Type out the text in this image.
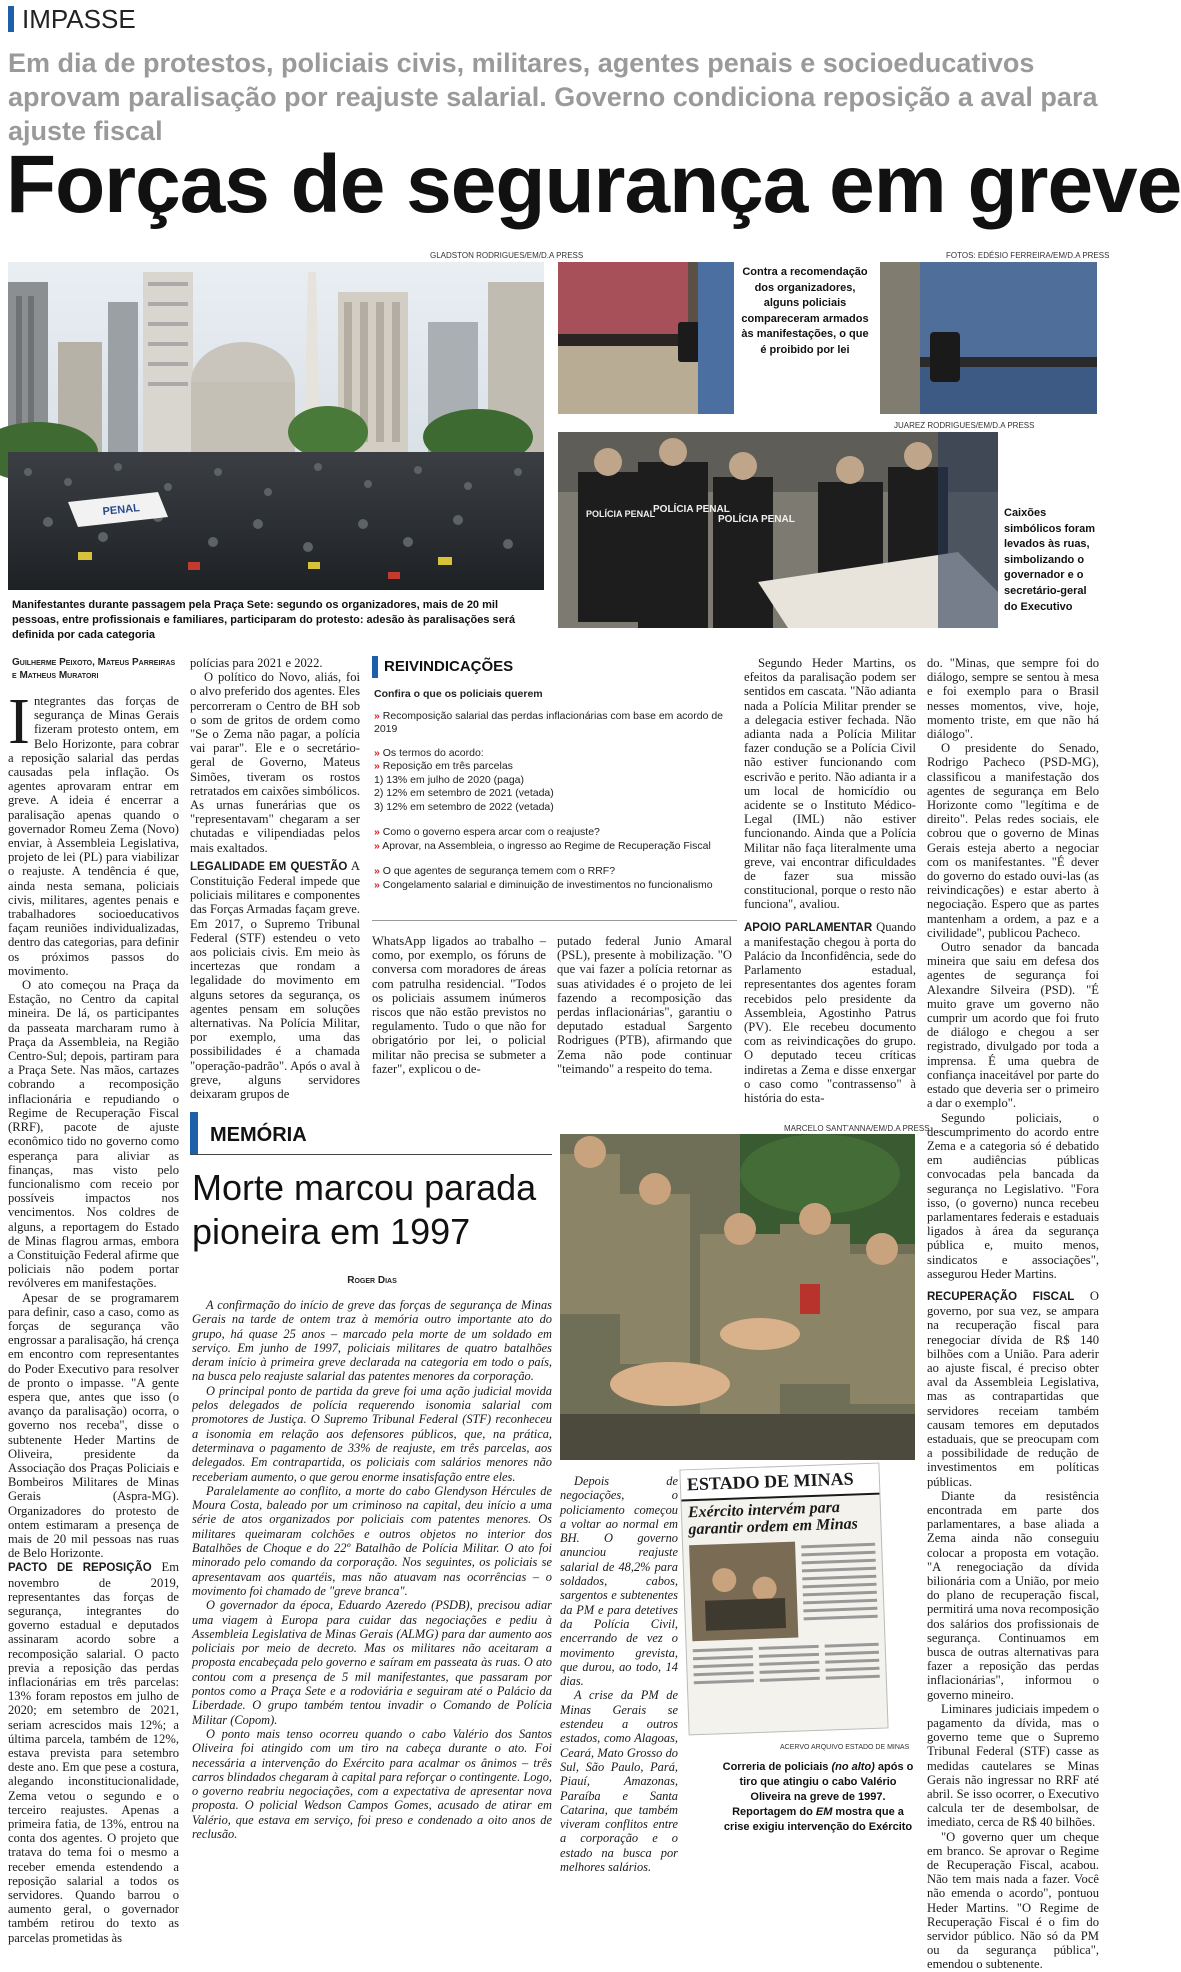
IMPASSE
Em dia de protestos, policiais civis, militares, agentes penais e socioeducativos aprovam paralisação por reajuste salarial. Governo condiciona reposição a aval para ajuste fiscal
Forças de segurança em greve
GLADSTON RODRIGUES/EM/D.A PRESS
PENAL
Manifestantes durante passagem pela Praça Sete: segundo os organizadores, mais de 20 mil pessoas, entre profissionais e familiares, participaram do protesto: adesão às paralisações será definida por cada categoria
FOTOS: EDÉSIO FERREIRA/EM/D.A PRESS
Contra a recomendação dos organizadores, alguns policiais compareceram armados às manifestações, o que é proibido por lei
JUAREZ RODRIGUES/EM/D.A PRESS
POLÍCIA PENAL
POLÍCIA PENAL
POLÍCIA PENAL	Caixões simbólicos foram levados às ruas, simbolizando o governador e o secretário-geral do Executivo
Guilherme Peixoto, Mateus Parreiras e Matheus Muratori

Integrantes das forças de segurança de Minas Gerais fizeram protesto ontem, em Belo Horizonte, para cobrar a reposição salarial das perdas causadas pela inflação. Os agentes aprovaram entrar em greve. A ideia é encerrar a paralisação apenas quando o governador Romeu Zema (Novo) enviar, à Assembleia Legislativa, projeto de lei (PL) para viabilizar o reajuste. A tendência é que, ainda nesta semana, policiais civis, militares, agentes penais e trabalhadores socioeducativos façam reuniões individualizadas, dentro das categorias, para definir os próximos passos do movimento.

O ato começou na Praça da Estação, no Centro da capital mineira. De lá, os participantes da passeata marcharam rumo à Praça da Assembleia, na Região Centro-Sul; depois, partiram para a Praça Sete. Nas mãos, cartazes cobrando a recomposição inflacionária e repudiando o Regime de Recuperação Fiscal (RRF), pacote de ajuste econômico tido no governo como esperança para aliviar as finanças, mas visto pelo funcionalismo com receio por possíveis impactos nos vencimentos. Nos coldres de alguns, a reportagem do Estado de Minas flagrou armas, embora a Constituição Federal afirme que policiais não podem portar revólveres em manifestações.

Apesar de se programarem para definir, caso a caso, como as forças de segurança vão engrossar a paralisação, há crença em encontro com representantes do Poder Executivo para resolver de pronto o impasse. "A gente espera que, antes que isso (o avanço da paralisação) ocorra, o governo nos receba", disse o subtenente Heder Martins de Oliveira, presidente da Associação dos Praças Policiais e Bombeiros Militares de Minas Gerais (Aspra-MG). Organizadores do protesto de ontem estimaram a presença de mais de 20 mil pessoas nas ruas de Belo Horizonte.

PACTO DE REPOSIÇÃO Em novembro de 2019, representantes das forças de segurança, integrantes do governo estadual e deputados assinaram acordo sobre a recomposição salarial. O pacto previa a reposição das perdas inflacionárias em três parcelas: 13% foram repostos em julho de 2020; em setembro de 2021, seriam acrescidos mais 12%; a última parcela, também de 12%, estava prevista para setembro deste ano. Em que pese a costura, alegando inconstitucionalidade, Zema vetou o segundo e o terceiro reajustes. Apenas a primeira fatia, de 13%, entrou na conta dos agentes. O projeto que tratava do tema foi o mesmo a receber emenda estendendo a reposição salarial a todos os servidores. Quando barrou o aumento geral, o governador também retirou do texto as parcelas prometidas às

polícias para 2021 e 2022.

O político do Novo, aliás, foi o alvo preferido dos agentes. Eles percorreram o Centro de BH sob o som de gritos de ordem como "Se o Zema não pagar, a polícia vai parar". Ele e o secretário-geral de Governo, Mateus Simões, tiveram os rostos retratados em caixões simbólicos. As urnas funerárias que os "representavam" chegaram a ser chutadas e vilipendiadas pelos mais exaltados.

LEGALIDADE EM QUESTÃO A Constituição Federal impede que policiais militares e componentes das Forças Armadas façam greve. Em 2017, o Supremo Tribunal Federal (STF) estendeu o veto aos policiais civis. Em meio às incertezas que rondam a legalidade do movimento em alguns setores da segurança, os agentes pensam em soluções alternativas. Na Polícia Militar, por exemplo, uma das possibilidades é a chamada "operação-padrão". Após o aval à greve, alguns servidores deixaram grupos de

REIVINDICAÇÕES
Confira o que os policiais querem
» Recomposição salarial das perdas inflacionárias com base em acordo de 2019
» Os termos do acordo:
» Reposição em três parcelas
1) 13% em julho de 2020 (paga)
2) 12% em setembro de 2021 (vetada)
3) 12% em setembro de 2022 (vetada)
» Como o governo espera arcar com o reajuste?
» Aprovar, na Assembleia, o ingresso ao Regime de Recuperação Fiscal
» O que agentes de segurança temem com o RRF?
» Congelamento salarial e diminuição de investimentos no funcionalismo

WhatsApp ligados ao trabalho – como, por exemplo, os fóruns de conversa com moradores de áreas com patrulha residencial. "Todos os policiais assumem inúmeros riscos que não estão previstos no regulamento. Tudo o que não for obrigatório por lei, o policial militar não precisa se submeter a fazer", explicou o de-

putado federal Junio Amaral (PSL), presente à mobilização. "O que vai fazer a polícia retornar as suas atividades é o projeto de lei fazendo a recomposição das perdas inflacionárias", garantiu o deputado estadual Sargento Rodrigues (PTB), afirmando que Zema não pode continuar "teimando" a respeito do tema.

Segundo Heder Martins, os efeitos da paralisação podem ser sentidos em cascata. "Não adianta nada a Polícia Militar prender se a delegacia estiver fechada. Não adianta nada a Polícia Militar fazer condução se a Polícia Civil não estiver funcionando com escrivão e perito. Não adianta ir a um local de homicídio ou acidente se o Instituto Médico-Legal (IML) não estiver funcionando. Ainda que a Polícia Militar não faça literalmente uma greve, vai encontrar dificuldades de fazer sua missão constitucional, porque o resto não funciona", avaliou.

APOIO PARLAMENTAR Quando a manifestação chegou à porta do Palácio da Inconfidência, sede do Parlamento estadual, representantes dos agentes foram recebidos pelo presidente da Assembleia, Agostinho Patrus (PV). Ele recebeu documento com as reivindicações do grupo. O deputado teceu críticas indiretas a Zema e disse enxergar o caso como "contrassenso" à história do esta-

do. "Minas, que sempre foi do diálogo, sempre se sentou à mesa e foi exemplo para o Brasil nesses momentos, vive, hoje, momento triste, em que não há diálogo".

O presidente do Senado, Rodrigo Pacheco (PSD-MG), classificou a manifestação dos agentes de segurança em Belo Horizonte como "legítima e de direito". Pelas redes sociais, ele cobrou que o governo de Minas Gerais esteja aberto a negociar com os manifestantes. "É dever do governo do estado ouvi-las (as reivindicações) e estar aberto à negociação. Espero que as partes mantenham a ordem, a paz e a civilidade", publicou Pacheco.

Outro senador da bancada mineira que saiu em defesa dos agentes de segurança foi Alexandre Silveira (PSD). "É muito grave um governo não cumprir um acordo que foi fruto de diálogo e chegou a ser registrado, divulgado por toda a imprensa. É uma quebra de confiança inaceitável por parte do estado que deveria ser o primeiro a dar o exemplo".

Segundo policiais, o descumprimento do acordo entre Zema e a categoria só é debatido em audiências públicas convocadas pela bancada da segurança no Legislativo. "Fora isso, (o governo) nunca recebeu parlamentares federais e estaduais ligados à área da segurança pública e, muito menos, sindicatos e associações", assegurou Heder Martins.

RECUPERAÇÃO FISCAL O governo, por sua vez, se ampara na recuperação fiscal para renegociar dívida de R$ 140 bilhões com a União. Para aderir ao ajuste fiscal, é preciso obter aval da Assembleia Legislativa, mas as contrapartidas que servidores receiam também causam temores em deputados estaduais, que se preocupam com a possibilidade de redução de investimentos em políticas públicas.

Diante da resistência encontrada em parte dos parlamentares, a base aliada a Zema ainda não conseguiu colocar a proposta em votação. "A renegociação da dívida bilionária com a União, por meio do plano de recuperação fiscal, permitirá uma nova recomposição dos salários dos profissionais de segurança. Continuamos em busca de outras alternativas para fazer a reposição das perdas inflacionárias", informou o governo mineiro.

Liminares judiciais impedem o pagamento da dívida, mas o governo teme que o Supremo Tribunal Federal (STF) casse as medidas cautelares se Minas Gerais não ingressar no RRF até abril. Se isso ocorrer, o Executivo calcula ter de desembolsar, de imediato, cerca de R$ 40 bilhões.

"O governo quer um cheque em branco. Se aprovar o Regime de Recuperação Fiscal, acabou. Não tem mais nada a fazer. Você não emenda o acordo", pontuou Heder Martins. "O Regime de Recuperação Fiscal é o fim do servidor público. Não só da PM ou da segurança pública", emendou o subtenente.

MEMÓRIA
Morte marcou parada pioneira em 1997
Roger Dias

A confirmação do início de greve das forças de segurança de Minas Gerais na tarde de ontem traz à memória outro importante ato do grupo, há quase 25 anos – marcado pela morte de um soldado em serviço. Em junho de 1997, policiais militares de quatro batalhões deram início à primeira greve declarada na categoria em todo o país, na busca pelo reajuste salarial das patentes menores da corporação.

O principal ponto de partida da greve foi uma ação judicial movida pelos delegados de polícia requerendo isonomia salarial com promotores de Justiça. O Supremo Tribunal Federal (STF) reconheceu a isonomia em relação aos defensores públicos, que, na prática, determinava o pagamento de 33% de reajuste, em três parcelas, aos delegados. Em contrapartida, os policiais com salários menores não receberiam aumento, o que gerou enorme insatisfação entre eles.

Paralelamente ao conflito, a morte do cabo Glendyson Hércules de Moura Costa, baleado por um criminoso na capital, deu início a uma série de atos organizados por policiais com patentes menores. Os militares queimaram colchões e outros objetos no interior dos Batalhões de Choque e do 22º Batalhão de Polícia Militar. O ato foi minorado pelo comando da corporação. Nos seguintes, os policiais se apresentavam aos quartéis, mas não atuavam nas ocorrências – o movimento foi chamado de "greve branca".

O governador da época, Eduardo Azeredo (PSDB), precisou adiar uma viagem à Europa para cuidar das negociações e pediu à Assembleia Legislativa de Minas Gerais (ALMG) para dar aumento aos policiais por meio de decreto. Mas os militares não aceitaram a proposta encabeçada pelo governo e saíram em passeata às ruas. O ato contou com a presença de 5 mil manifestantes, que passaram por pontos como a Praça Sete e a rodoviária e seguiram até o Palácio da Liberdade. O grupo também tentou invadir o Comando de Polícia Militar (Copom).

O ponto mais tenso ocorreu quando o cabo Valério dos Santos Oliveira foi atingido com um tiro na cabeça durante o ato. Foi necessária a intervenção do Exército para acalmar os ânimos – três carros blindados chegaram à capital para reforçar o contingente. Logo, o governo reabriu negociações, com a expectativa de apresentar nova proposta. O policial Wedson Campos Gomes, acusado de atirar em Valério, que estava em serviço, foi preso e condenado a oito anos de reclusão.

MARCELO SANT'ANNA/EM/D.A PRESS

Depois de negociações, o policiamento começou a voltar ao normal em BH. O governo anunciou reajuste salarial de 48,2% para soldados, cabos, sargentos e subtenentes da PM e para detetives da Polícia Civil, encerrando de vez o movimento grevista, que durou, ao todo, 14 dias.

A crise da PM de Minas Gerais se estendeu a outros estados, como Alagoas, Ceará, Mato Grosso do Sul, São Paulo, Pará, Piauí, Amazonas, Paraíba e Santa Catarina, que também viveram conflitos entre a corporação e o estado na busca por melhores salários.

ESTADO DE MINAS
Exército intervém para garantir ordem em Minas
ACERVO ARQUIVO ESTADO DE MINAS
Correria de policiais (no alto) após o tiro que atingiu o cabo Valério Oliveira na greve de 1997. Reportagem do EM mostra que a crise exigiu intervenção do Exército
